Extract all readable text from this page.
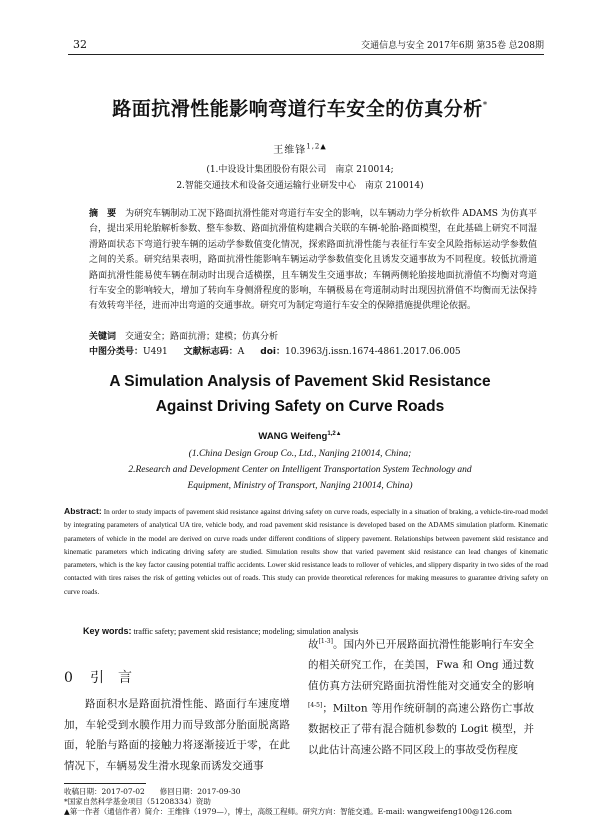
32	交通信息与安全 2017年6期 第35卷 总208期
路面抗滑性能影响弯道行车安全的仿真分析*
王维锋$^{1,2▲}$
(1.中设设计集团股份有限公司　南京 210014;
2.智能交通技术和设备交通运输行业研发中心　南京 210014)
摘　要　 为研究车辆制动工况下路面抗滑性能对弯道行车安全的影响，以车辆动力学分析软件 ADAMS 为仿真平台，提出采用轮胎解析参数、整车参数、路面抗滑值构建耦合关联的车辆-轮胎-路面模型，在此基础上研究不同湿滑路面状态下弯道行驶车辆的运动学参数值变化情况，探索路面抗滑性能与表征行车安全风险指标运动学参数值之间的关系。研究结果表明，路面抗滑性能影响车辆运动学参数值变化且诱发交通事故为不同程度。较低抗滑道路面抗滑性能易使车辆在制动时出现合适横摆，且车辆发生交通事故；车辆两侧轮胎接地面抗滑值不均衡对弯道行车安全的影响较大，增加了转向车身侧滑程度的影响，车辆极易在弯道制动时出现因抗滑值不均衡而无法保持有效转弯半径，进而冲出弯道的交通事故。研究可为制定弯道行车安全的保障措施提供理论依据。
关键词　 交通安全；路面抗滑；建模；仿真分析
中图分类号：U491 文献标志码：A doi：10.3963/j.issn.1674-4861.2017.06.005
A Simulation Analysis of Pavement Skid Resistance
Against Driving Safety on Curve Roads
WANG Weifeng$^{1,2▲}$
(1.China Design Group Co., Ltd., Nanjing 210014, China;
2.Research and Development Center on Intelligent Transportation System Technology and
Equipment, Ministry of Transport, Nanjing 210014, China)
Abstract: In order to study impacts of pavement skid resistance against driving safety on curve roads, especially in a situation of braking, a vehicle-tire-road model by integrating parameters of analytical UA tire, vehicle body, and road pavement skid resistance is developed based on the ADAMS simulation platform. Kinematic parameters of vehicle in the model are derived on curve roads under different conditions of slippery pavement. Relationships between pavement skid resistance and kinematic parameters which indicating driving safety are studied. Simulation results show that varied pavement skid resistance can lead changes of kinematic parameters, which is the key factor causing potential traffic accidents. Lower skid resistance leads to rollover of vehicles, and slippery disparity in two sides of the road contacted with tires raises the risk of getting vehicles out of roads. This study can provide theoretical references for making measures to guarantee driving safety on curve roads.
Key words: traffic safety; pavement skid resistance; modeling; simulation analysis
0 引　言
路面积水是路面抗滑性能、路面行车速度增加，车轮受到水膜作用力而导致部分胎面脱离路面，轮胎与路面的接触力将逐渐接近于零，在此情况下，车辆易发生滑水现象而诱发交通事
故[1-3]。国内外已开展路面抗滑性能影响行车安全的相关研究工作，在美国，Fwa 和 Ong 通过数值仿真方法研究路面抗滑性能对交通安全的影响[4-5]；Milton 等用作统研制的高速公路伤亡事故数据校正了带有混合随机参数的 Logit 模型，并以此估计高速公路不同区段上的事故受伤程度
收稿日期：2017-07-02　　修回日期：2017-09-30
*国家自然科学基金项目（51208334）资助
▲第一作者（通信作者）简介：王维锋（1979—），博士，高级工程师。研究方向：智能交通。E-mail: wangweifeng100@126.com
